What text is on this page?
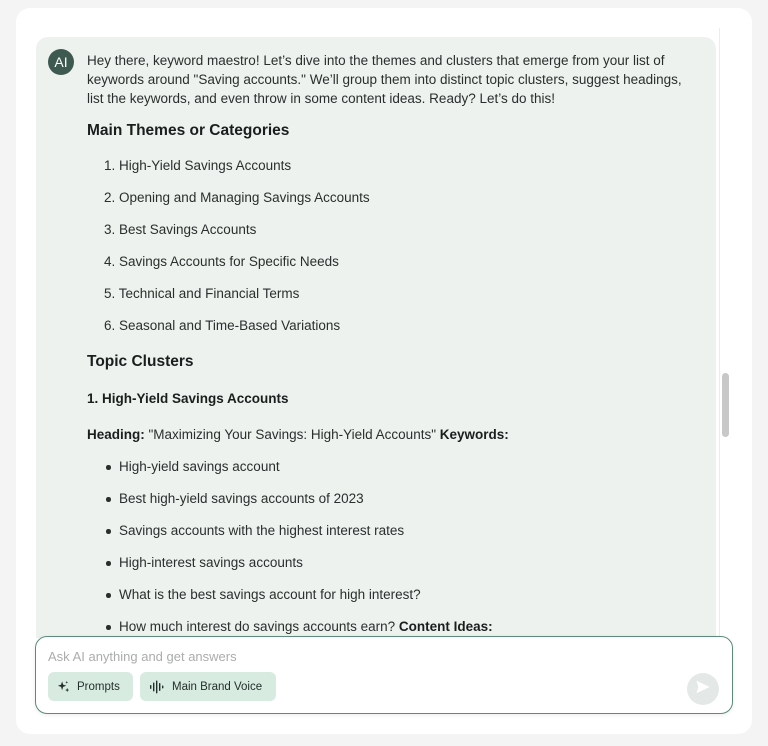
AI	Hey there, keyword maestro! Let’s dive into the themes and clusters that emerge from your list of keywords around "Saving accounts." We’ll group them into distinct topic clusters, suggest headings, list the keywords, and even throw in some content ideas. Ready? Let’s do this!

Main Themes or Categories
1. High-Yield Savings Accounts
2. Opening and Managing Savings Accounts
3. Best Savings Accounts
4. Savings Accounts for Specific Needs
5. Technical and Financial Terms
6. Seasonal and Time-Based Variations
Topic Clusters
1. High-Yield Savings Accounts

Heading: "Maximizing Your Savings: High-Yield Accounts" Keywords:

High-yield savings account
Best high-yield savings accounts of 2023
Savings accounts with the highest interest rates
High-interest savings accounts
What is the best savings account for high interest?
How much interest do savings accounts earn? Content Ideas:
Ask AI anything and get answers
Prompts	Main Brand Voice
